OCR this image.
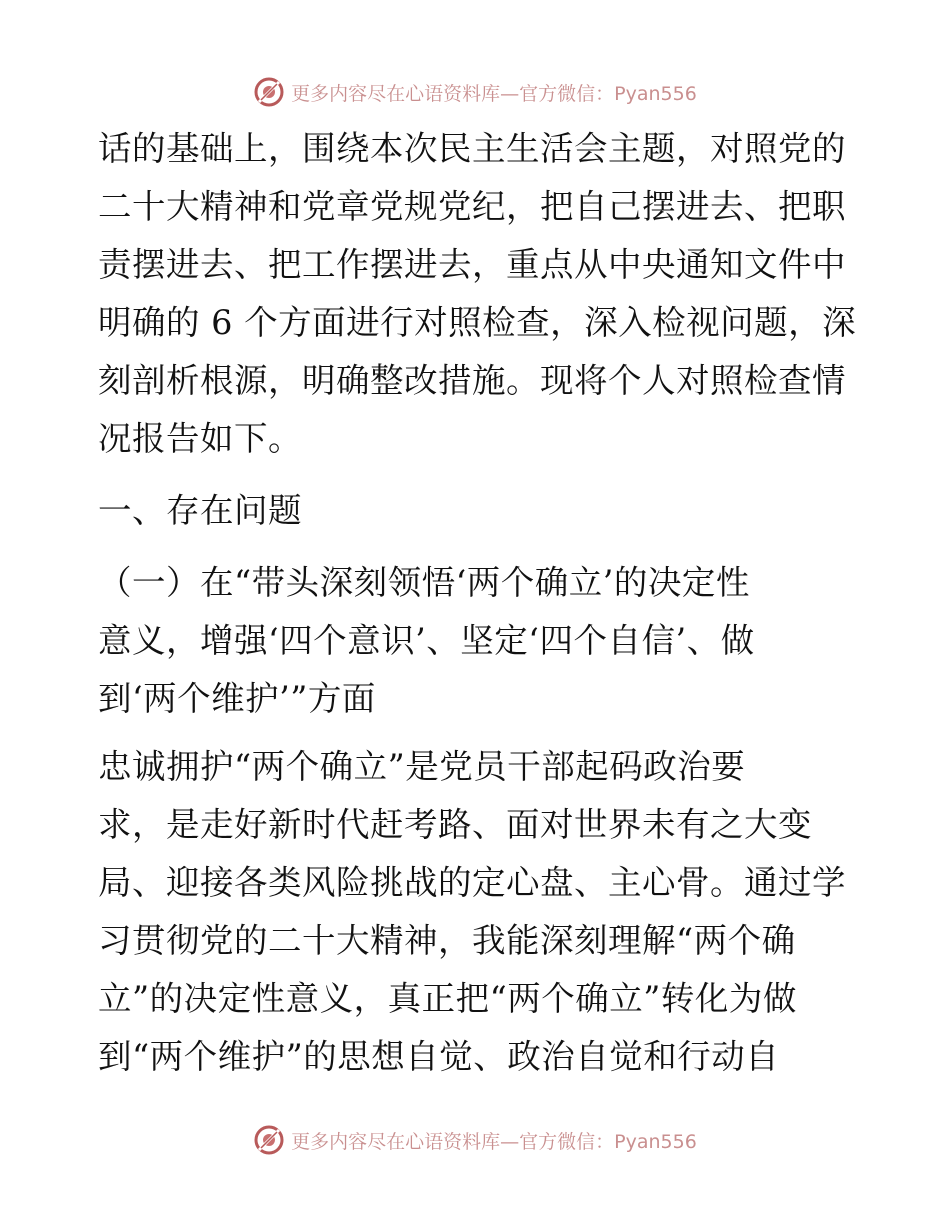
更多内容尽在心语资料库—官方微信：Pyan556
话的基础上，围绕本次民主生活会主题，对照党的
二十大精神和党章党规党纪，把自己摆进去、把职
责摆进去、把工作摆进去，重点从中央通知文件中
明确的 6 个方面进行对照检查，深入检视问题，深
刻剖析根源，明确整改措施。现将个人对照检查情
况报告如下。
一、存在问题
（一）在“带头深刻领悟‘两个确立’的决定性
意义，增强‘四个意识’、坚定‘四个自信’、做
到‘两个维护’”方面
忠诚拥护“两个确立”是党员干部起码政治要
求，是走好新时代赶考路、面对世界未有之大变
局、迎接各类风险挑战的定心盘、主心骨。通过学
习贯彻党的二十大精神，我能深刻理解“两个确
立”的决定性意义，真正把“两个确立”转化为做
到“两个维护”的思想自觉、政治自觉和行动自
更多内容尽在心语资料库—官方微信：Pyan556
